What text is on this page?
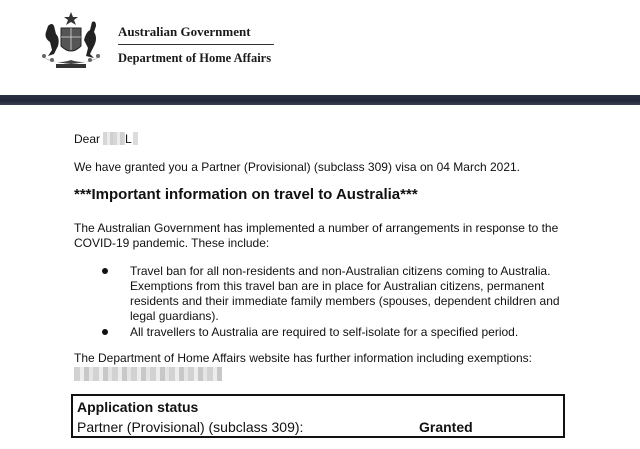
Australian Government
Department of Home Affairs
Dear L
We have granted you a Partner (Provisional) (subclass 309) visa on 04 March 2021.
***Important information on travel to Australia***
The Australian Government has implemented a number of arrangements in response to the COVID-19 pandemic. These include:
Travel ban for all non-residents and non-Australian citizens coming to Australia. Exemptions from this travel ban are in place for Australian citizens, permanent residents and their immediate family members (spouses, dependent children and legal guardians).
All travellers to Australia are required to self-isolate for a specified period.
The Department of Home Affairs website has further information including exemptions:
Application status
Partner (Provisional) (subclass 309):	Granted
